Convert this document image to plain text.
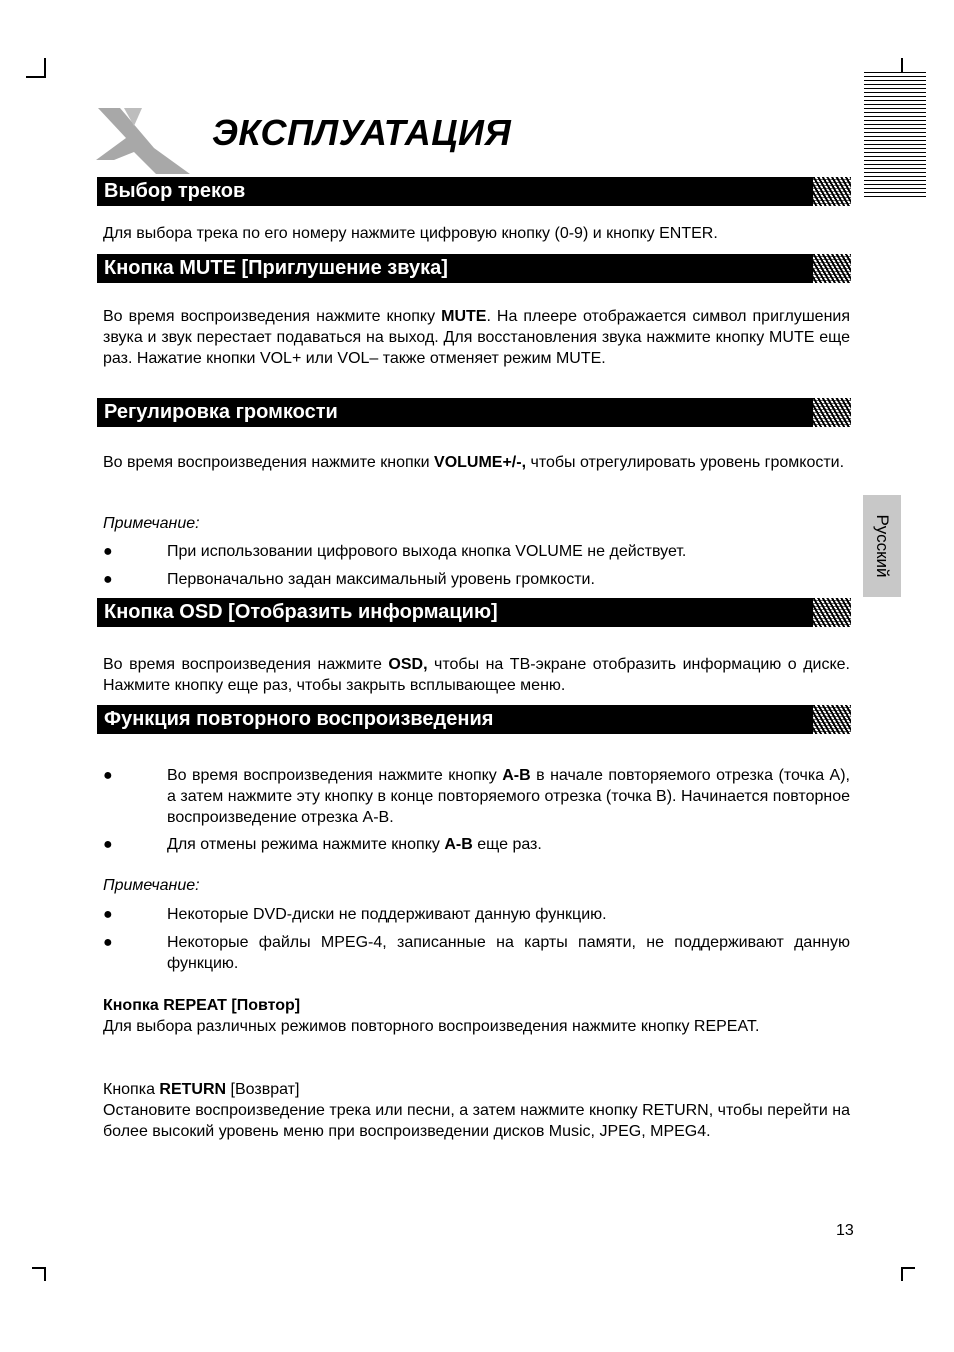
ЭКСПЛУАТАЦИЯ
Выбор треков

Для выбора трека по его номеру нажмите цифровую кнопку (0-9) и кнопку ENTER.

Кнопка MUTE [Приглушение звука]

Во время воспроизведения нажмите кнопку MUTE. На плеере отображается символ приглушения звука и звук перестает подаваться на выход. Для восстановления звука нажмите кнопку MUTE еще раз. Нажатие кнопки VOL+ или VOL– также отменяет режим MUTE.

Регулировка громкости

Во время воспроизведения нажмите кнопки VOLUME+/-, чтобы отрегулировать уровень громкости.

Примечание:

●	При использовании цифрового выхода кнопка VOLUME не действует.
●	Первоначально задан максимальный уровень громкости.
Кнопка OSD [Отобразить информацию]

Во время воспроизведения нажмите OSD, чтобы на ТВ-экране отобразить информацию о диске. Нажмите кнопку еще раз, чтобы закрыть всплывающее меню.

Функция повторного воспроизведения
●	Во время воспроизведения нажмите кнопку A-B в начале повторяемого отрезка (точка A), а затем нажмите эту кнопку в конце повторяемого отрезка (точка B). Начинается повторное воспроизведение отрезка A-B.
●	Для отмены режима нажмите кнопку A-B еще раз.

Примечание:

●	Некоторые DVD-диски не поддерживают данную функцию.
●	Некоторые файлы MPEG-4, записанные на карты памяти, не поддерживают данную функцию.

Кнопка REPEAT [Повтор]

Для выбора различных режимов повторного воспроизведения нажмите кнопку REPEAT.

Кнопка RETURN [Возврат]

Остановите воспроизведение трека или песни, а затем нажмите кнопку RETURN, чтобы перейти на более высокий уровень меню при воспроизведении дисков Music, JPEG, MPEG4.

Русский
13
